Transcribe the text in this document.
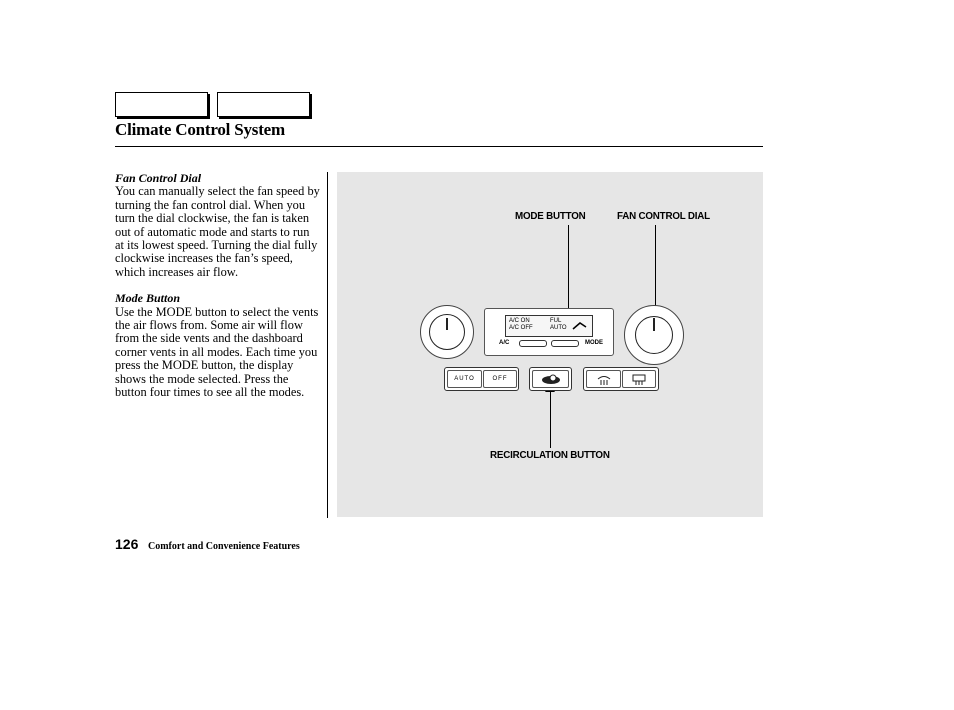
Climate Control System
Fan Control Dial

You can manually select the fan speed by turning the fan control dial. When you turn the dial clockwise, the fan is taken out of automatic mode and starts to run at its lowest speed. Turning the dial fully clockwise increases the fan’s speed, which increases air flow.

Mode Button

Use the MODE button to select the vents the air flows from. Some air will flow from the side vents and the dashboard corner vents in all modes. Each time you press the MODE button, the display shows the mode selected. Press the button four times to see all the modes.

MODE BUTTON	FAN CONTROL DIAL
RECIRCULATION BUTTON
A/C ON
A/C OFF
FUL
AUTO
A/C	MODE
AUTO	OFF
126 Comfort and Convenience Features
